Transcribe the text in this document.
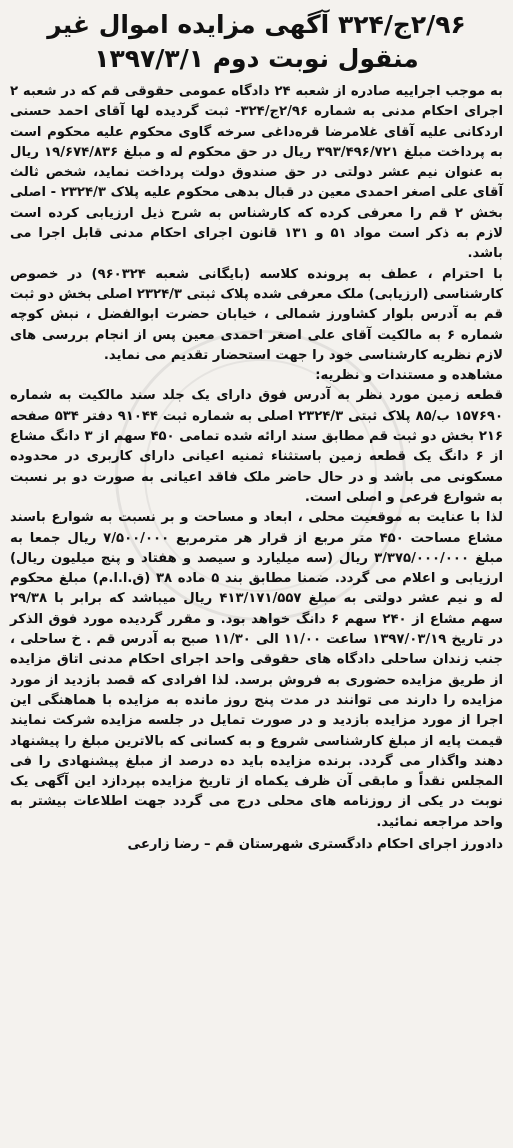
۲/۹۶ج/۳۲۴ آگهی مزایده اموال غیر
منقول نوبت دوم ۱۳۹۷/۳/۱

به موجب اجراییه صادره از شعبه ۲۴ دادگاه عمومی حقوقی قم که در شعبه ۲ اجرای احکام مدنی به شماره ۲/۹۶ج/۳۲۴- ثبت گردیده لها آقای احمد حسنی اردکانی علیه آقای غلامرضا قره‌داغی سرخه گاوی محکوم علیه محکوم است به پرداخت مبلغ ۳۹۳/۴۹۶/۷۲۱ ریال در حق محکوم له و مبلغ ۱۹/۶۷۴/۸۳۶ ریال به عنوان نیم عشر دولتی در حق صندوق دولت پرداخت نماید، شخص ثالث آقای علی اصغر احمدی معین در قبال بدهی محکوم علیه پلاک ۲۳۲۴/۳ - اصلی بخش ۲ قم را معرفی کرده که کارشناس به شرح ذیل ارزیابی کرده است لازم به ذکر است مواد ۵۱ و ۱۳۱ قانون اجرای احکام مدنی قابل اجرا می باشد.

با احترام ، عطف به پرونده کلاسه (بایگانی شعبه ۹۶۰۳۲۴) در خصوص کارشناسی (ارزیابی) ملک معرفی شده پلاک ثبتی ۲۳۲۴/۳ اصلی بخش دو ثبت قم به آدرس بلوار کشاورز شمالی ، خیابان حضرت ابوالفضل ، نبش کوچه شماره ۶ به مالکیت آقای علی اصغر احمدی معین پس از انجام بررسی های لازم نظریه کارشناسی خود را جهت استحضار تقدیم می نماید.

مشاهده و مستندات و نظریه:

قطعه زمین مورد نظر به آدرس فوق دارای یک جلد سند مالکیت به شماره ۱۵۷۶۹۰ ب/۸۵ پلاک ثبتی ۲۳۲۴/۳ اصلی به شماره ثبت ۹۱۰۴۴ دفتر ۵۳۴ صفحه ۲۱۶ بخش دو ثبت قم مطابق سند ارائه شده تمامی ۴۵۰ سهم از ۳ دانگ مشاع از ۶ دانگ یک قطعه زمین باستثناء ثمنیه اعیانی دارای کاربری در محدوده مسکونی می باشد و در حال حاضر ملک فاقد اعیانی به صورت دو بر نسبت به شوارع فرعی و اصلی است.

لذا با عنایت به موقعیت محلی ، ابعاد و مساحت و بر نسبت به شوارع باسند مشاع مساحت ۴۵۰ متر مربع از قرار هر مترمربع ۷/۵۰۰/۰۰۰ ریال جمعا به مبلغ ۳/۳۷۵/۰۰۰/۰۰۰ ریال (سه میلیارد و سیصد و هفتاد و پنج میلیون ریال) ارزیابی و اعلام می گردد. ضمنا مطابق بند ۵ ماده ۳۸ (ق.ا.ا.م) مبلغ محکوم له و نیم عشر دولتی به مبلغ ۴۱۳/۱۷۱/۵۵۷ ریال میباشد که برابر با ۲۹/۳۸ سهم مشاع از ۲۴۰ سهم ۶ دانگ خواهد بود. و مقرر گردیده مورد فوق الذکر در تاریخ ۱۳۹۷/۰۳/۱۹ ساعت ۱۱/۰۰ الی ۱۱/۳۰ صبح به آدرس قم . خ ساحلی ، جنب زندان ساحلی دادگاه های حقوقی واحد اجرای احکام مدنی اتاق مزایده از طریق مزایده حضوری به فروش برسد. لذا افرادی که قصد بازدید از مورد مزایده را دارند می توانند در مدت پنج روز مانده به مزایده با هماهنگی این اجرا از مورد مزایده بازدید و در صورت تمایل در جلسه مزایده شرکت نمایند قیمت پایه از مبلغ کارشناسی شروع و به کسانی که بالاترین مبلغ را پیشنهاد دهند واگذار می گردد. برنده مزایده باید ده درصد از مبلغ پیشنهادی را فی المجلس نقداً و مابقی آن ظرف یکماه از تاریخ مزایده بپردازد این آگهی یک نوبت در یکی از روزنامه های محلی درج می گردد جهت اطلاعات بیشتر به واحد مراجعه نمائید.

دادورز اجرای احکام دادگستری شهرستان قم – رضا زارعی
